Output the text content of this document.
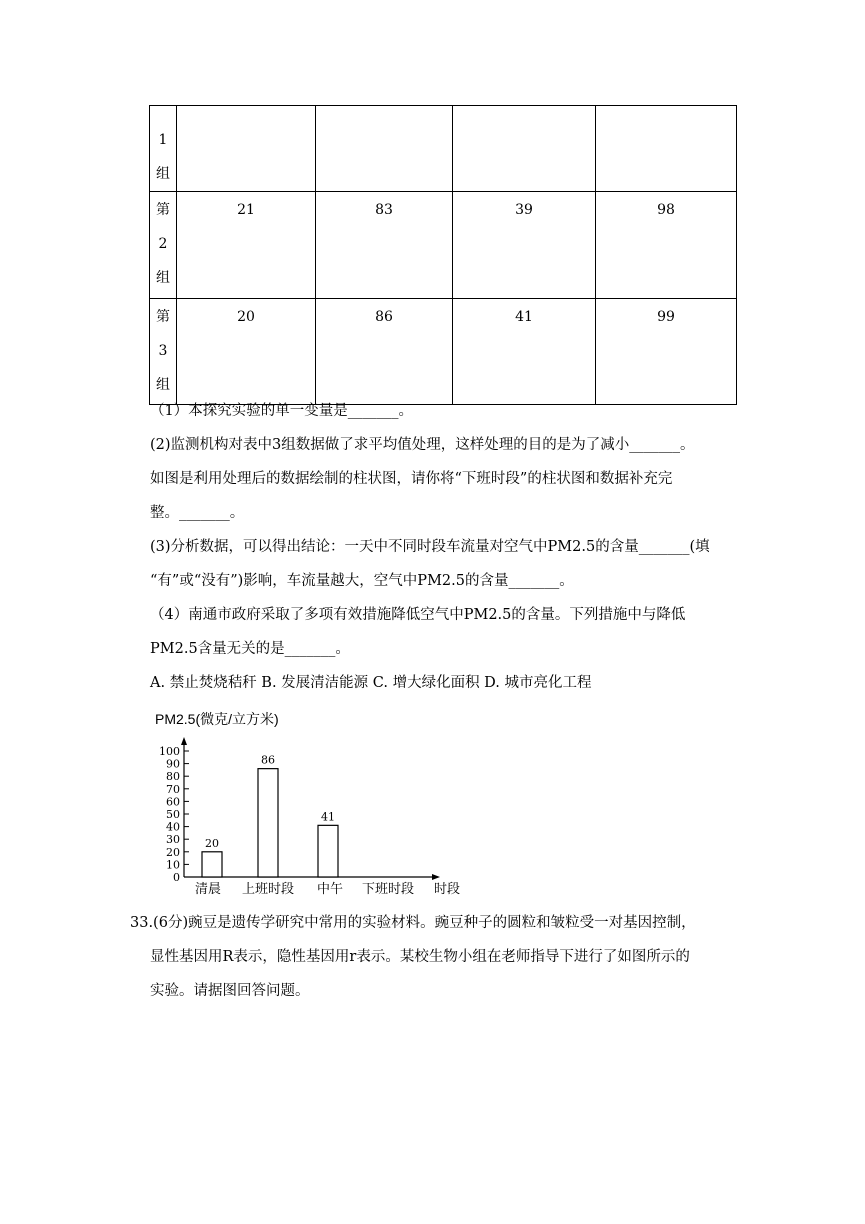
1
组				

第
2
组	21	83	39	98

第
3
组	20	86	41	99
（1）本探究实验的单一变量是_______。
(2)监测机构对表中3组数据做了求平均值处理，这样处理的目的是为了减小_______。
如图是利用处理后的数据绘制的柱状图，请你将“下班时段”的柱状图和数据补充完
整。_______。
(3)分析数据，可以得出结论：一天中不同时段车流量对空气中PM2.5的含量_______(填
“有”或“没有”)影响，车流量越大，空气中PM2.5的含量_______。
（4）南通市政府采取了多项有效措施降低空气中PM2.5的含量。下列措施中与降低
PM2.5含量无关的是_______。
A. 禁止焚烧秸秆 B. 发展清洁能源 C. 增大绿化面积 D. 城市亮化工程
PM2.5(微克/立方米)
0
10
20
30
40
50
60
70
80
90
100
20
86
41
清晨 上班时段 中午 下班时段 时段
33.(6分)豌豆是遗传学研究中常用的实验材料。豌豆种子的圆粒和皱粒受一对基因控制，
显性基因用R表示，隐性基因用r表示。某校生物小组在老师指导下进行了如图所示的
实验。请据图回答问题。
